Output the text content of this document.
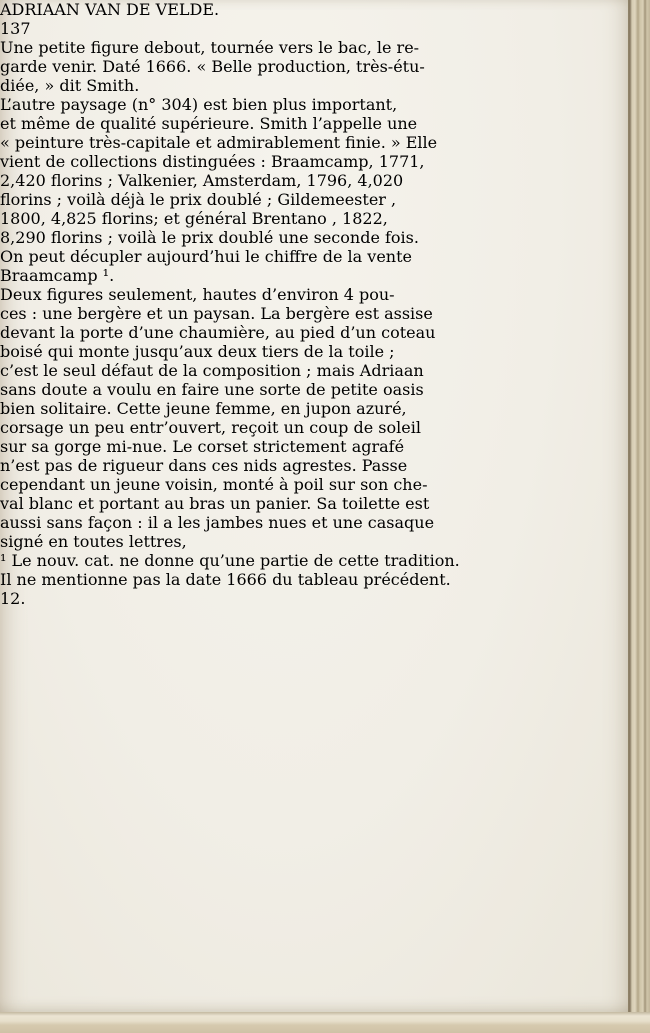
ADRIAAN VAN DE VELDE.
137
Une petite figure debout, tournée vers le bac, le re-
garde venir. Daté 1666. « Belle production, très-étu-
diée, » dit Smith.
L’autre paysage (n° 304) est bien plus important,
et même de qualité supérieure. Smith l’appelle une
« peinture très-capitale et admirablement finie. » Elle
vient de collections distinguées : Braamcamp, 1771,
2,420 florins ; Valkenier, Amsterdam, 1796, 4,020
florins ; voilà déjà le prix doublé ; Gildemeester ,
1800, 4,825 florins; et général Brentano , 1822,
8,290 florins ; voilà le prix doublé une seconde fois.
On peut décupler aujourd’hui le chiffre de la vente
Braamcamp ¹.
Deux figures seulement, hautes d’environ 4 pou-
ces : une bergère et un paysan. La bergère est assise
devant la porte d’une chaumière, au pied d’un coteau
boisé qui monte jusqu’aux deux tiers de la toile ;
c’est le seul défaut de la composition ; mais Adriaan
sans doute a voulu en faire une sorte de petite oasis
bien solitaire. Cette jeune femme, en jupon azuré,
corsage un peu entr’ouvert, reçoit un coup de soleil
sur sa gorge mi-nue. Le corset strictement agrafé
n’est pas de rigueur dans ces nids agrestes. Passe
cependant un jeune voisin, monté à poil sur son che-
val blanc et portant au bras un panier. Sa toilette est
aussi sans façon : il a les jambes nues et une casaque
signé en toutes lettres,
¹ Le nouv. cat. ne donne qu’une partie de cette tradition.
Il ne mentionne pas la date 1666 du tableau précédent.
12.
